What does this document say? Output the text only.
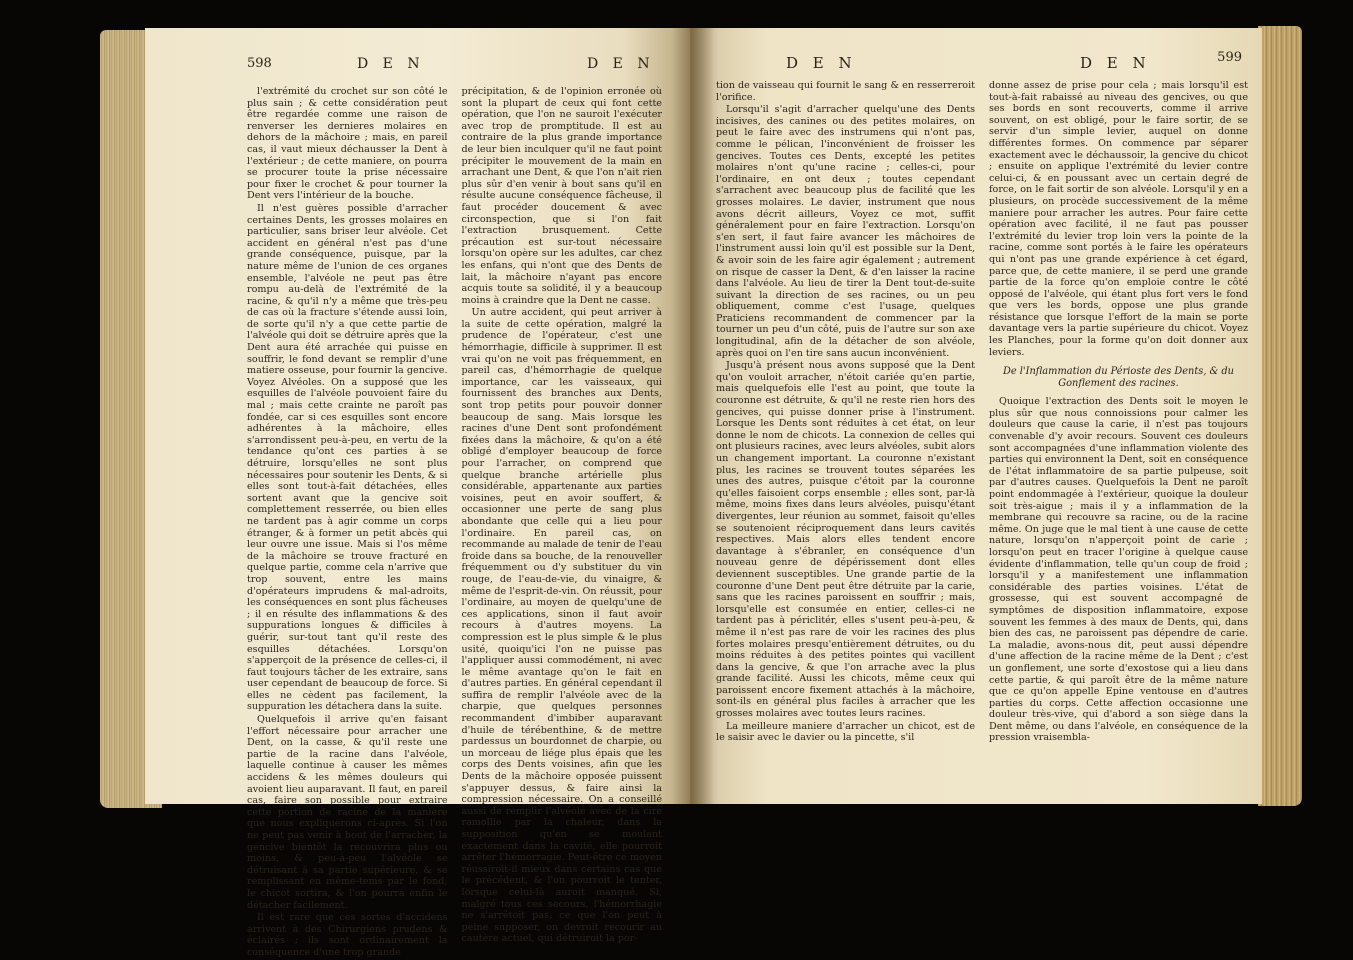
598	D E N	D E N

l'extrémité du crochet sur son côté le plus sain ; & cette considération peut être regardée comme une raison de renverser les dernieres molaires en dehors de la mâchoire ; mais, en pareil cas, il vaut mieux déchausser la Dent à l'extérieur ; de cette maniere, on pourra se procurer toute la prise nécessaire pour fixer le crochet & pour tourner la Dent vers l'intérieur de la bouche.

Il n'est guères possible d'arracher certaines Dents, les grosses molaires en particulier, sans briser leur alvéole. Cet accident en général n'est pas d'une grande conséquence, puisque, par la nature même de l'union de ces organes ensemble, l'alvéole ne peut pas être rompu au-delà de l'extrémité de la racine, & qu'il n'y a même que très-peu de cas où la fracture s'étende aussi loin, de sorte qu'il n'y a que cette partie de l'alvéole qui doit se détruire après que la Dent aura été arrachée qui puisse en souffrir, le fond devant se remplir d'une matiere osseuse, pour fournir la gencive. Voyez Alvéoles. On a supposé que les esquilles de l'alvéole pouvoient faire du mal ; mais cette crainte ne paroît pas fondée, car si ces esquilles sont encore adhérentes à la mâchoire, elles s'arrondissent peu-à-peu, en vertu de la tendance qu'ont ces parties à se détruire, lorsqu'elles ne sont plus nécessaires pour soutenir les Dents, & si elles sont tout-à-fait détachées, elles sortent avant que la gencive soit complettement resserrée, ou bien elles ne tardent pas à agir comme un corps étranger, & à former un petit abcès qui leur ouvre une issue. Mais si l'os même de la mâchoire se trouve fracturé en quelque partie, comme cela n'arrive que trop souvent, entre les mains d'opérateurs imprudens & mal-adroits, les conséquences en sont plus fâcheuses ; il en résulte des inflammations & des suppurations longues & difficiles à guérir, sur-tout tant qu'il reste des esquilles détachées. Lorsqu'on s'apperçoit de la présence de celles-ci, il faut toujours tâcher de les extraire, sans user cependant de beaucoup de force. Si elles ne cèdent pas facilement, la suppuration les détachera dans la suite.

Quelquefois il arrive qu'en faisant l'effort nécessaire pour arracher une Dent, on la casse, & qu'il reste une partie de la racine dans l'alvéole, laquelle continue à causer les mêmes accidens & les mêmes douleurs qui avoient lieu auparavant. Il faut, en pareil cas, faire son possible pour extraire cette portion de racine de la maniere que nous expliquerons ci-après. Si l'on ne peut pas venir à bout de l'arracher, la gencive bientôt la recouvrira plus ou moins, & peu-à-peu l'alvéole se détruisant à sa partie supérieure, & se remplissant en même-tems par le fond, le chicot sortira, & l'on pourra enfin le détacher facilement.

Il est rare que ces sortes d'accidens arrivent à des Chirurgiens prudens & éclairés ; ils sont ordinairement la conséquence d'une trop grande

précipitation, & de l'opinion erronée où sont la plupart de ceux qui font cette opération, que l'on ne sauroit l'exécuter avec trop de promptitude. Il est au contraire de la plus grande importance de leur bien inculquer qu'il ne faut point précipiter le mouvement de la main en arrachant une Dent, & que l'on n'ait rien plus sûr d'en venir à bout sans qu'il en résulte aucune conséquence fâcheuse, il faut procéder doucement & avec circonspection, que si l'on fait l'extraction brusquement. Cette précaution est sur-tout nécessaire lorsqu'on opère sur les adultes, car chez les enfans, qui n'ont que des Dents de lait, la mâchoire n'ayant pas encore acquis toute sa solidité, il y a beaucoup moins à craindre que la Dent ne casse.

Un autre accident, qui peut arriver à la suite de cette opération, malgré la prudence de l'opérateur, c'est une hémorrhagie, difficile à supprimer. Il est vrai qu'on ne voit pas fréquemment, en pareil cas, d'hémorrhagie de quelque importance, car les vaisseaux, qui fournissent des branches aux Dents, sont trop petits pour pouvoir donner beaucoup de sang. Mais lorsque les racines d'une Dent sont profondément fixées dans la mâchoire, & qu'on a été obligé d'employer beaucoup de force pour l'arracher, on comprend que quelque branche artérielle plus considérable, appartenante aux parties voisines, peut en avoir souffert, & occasionner une perte de sang plus abondante que celle qui a lieu pour l'ordinaire. En pareil cas, on recommande au malade de tenir de l'eau froide dans sa bouche, de la renouveller fréquemment ou d'y substituer du vin rouge, de l'eau-de-vie, du vinaigre, & même de l'esprit-de-vin. On réussit, pour l'ordinaire, au moyen de quelqu'une de ces applications, sinon il faut avoir recours à d'autres moyens. La compression est le plus simple & le plus usité, quoiqu'ici l'on ne puisse pas l'appliquer aussi commodément, ni avec le même avantage qu'on le fait en d'autres parties. En général cependant il suffira de remplir l'alvéole avec de la charpie, que quelques personnes recommandent d'imbiber auparavant d'huile de térébenthine, & de mettre pardessus un bourdonnet de charpie, ou un morceau de liége plus épais que les corps des Dents voisines, afin que les Dents de la mâchoire opposée puissent s'appuyer dessus, & faire ainsi la compression nécessaire. On a conseillé aussi de remplir l'alvéole avec de la cire ramollie par la chaleur, dans la supposition qu'en se moulant exactement dans la cavité, elle pourroit arrêter l'hémorragie. Peut-être ce moyen réussiroit-il mieux dans certains cas que le précédent, & l'on pourroit le tenter, lorsque celui-là auroit manqué. Si, malgré tous ces secours, l'hémorrhagie ne s'arrêtoit pas, ce que l'on peut à peine supposer, on devroit recourir au cautère actuel, qui détruiroit la por-

D E N	D E N	599

tion de vaisseau qui fournit le sang & en resserreroit l'orifice.

Lorsqu'il s'agit d'arracher quelqu'une des Dents incisives, des canines ou des petites molaires, on peut le faire avec des instrumens qui n'ont pas, comme le pélican, l'inconvénient de froisser les gencives. Toutes ces Dents, excepté les petites molaires n'ont qu'une racine ; celles-ci, pour l'ordinaire, en ont deux ; toutes cependant s'arrachent avec beaucoup plus de facilité que les grosses molaires. Le davier, instrument que nous avons décrit ailleurs, Voyez ce mot, suffit généralement pour en faire l'extraction. Lorsqu'on s'en sert, il faut faire avancer les mâchoires de l'instrument aussi loin qu'il est possible sur la Dent, & avoir soin de les faire agir également ; autrement on risque de casser la Dent, & d'en laisser la racine dans l'alvéole. Au lieu de tirer la Dent tout-de-suite suivant la direction de ses racines, ou un peu obliquement, comme c'est l'usage, quelques Praticiens recommandent de commencer par la tourner un peu d'un côté, puis de l'autre sur son axe longitudinal, afin de la détacher de son alvéole, après quoi on l'en tire sans aucun inconvénient.

Jusqu'à présent nous avons supposé que la Dent qu'on vouloit arracher, n'étoit cariée qu'en partie, mais quelquefois elle l'est au point, que toute la couronne est détruite, & qu'il ne reste rien hors des gencives, qui puisse donner prise à l'instrument. Lorsque les Dents sont réduites à cet état, on leur donne le nom de chicots. La connexion de celles qui ont plusieurs racines, avec leurs alvéoles, subit alors un changement important. La couronne n'existant plus, les racines se trouvent toutes séparées les unes des autres, puisque c'étoit par la couronne qu'elles faisoient corps ensemble ; elles sont, par-là même, moins fixes dans leurs alvéoles, puisqu'étant divergentes, leur réunion au sommet, faisoit qu'elles se soutenoient réciproquement dans leurs cavités respectives. Mais alors elles tendent encore davantage à s'ébranler, en conséquence d'un nouveau genre de dépérissement dont elles deviennent susceptibles. Une grande partie de la couronne d'une Dent peut être détruite par la carie, sans que les racines paroissent en souffrir ; mais, lorsqu'elle est consumée en entier, celles-ci ne tardent pas à périclitér, elles s'usent peu-à-peu, & même il n'est pas rare de voir les racines des plus fortes molaires presqu'entièrement détruites, ou du moins réduites à des petites pointes qui vacillent dans la gencive, & que l'on arrache avec la plus grande facilité. Aussi les chicots, même ceux qui paroissent encore fixement attachés à la mâchoire, sont-ils en général plus faciles à arracher que les grosses molaires avec toutes leurs racines.

La meilleure maniere d'arracher un chicot, est de le saisir avec le davier ou la pincette, s'il

donne assez de prise pour cela ; mais lorsqu'il est tout-à-fait rabaissé au niveau des gencives, ou que ses bords en sont recouverts, comme il arrive souvent, on est obligé, pour le faire sortir, de se servir d'un simple levier, auquel on donne différentes formes. On commence par séparer exactement avec le déchaussoir, la gencive du chicot ; ensuite on applique l'extrémité du levier contre celui-ci, & en poussant avec un certain degré de force, on le fait sortir de son alvéole. Lorsqu'il y en a plusieurs, on procède successivement de la même maniere pour arracher les autres. Pour faire cette opération avec facilité, il ne faut pas pousser l'extrémité du levier trop loin vers la pointe de la racine, comme sont portés à le faire les opérateurs qui n'ont pas une grande expérience à cet égard, parce que, de cette maniere, il se perd une grande partie de la force qu'on emploie contre le côté opposé de l'alvéole, qui étant plus fort vers le fond que vers les bords, oppose une plus grande résistance que lorsque l'effort de la main se porte davantage vers la partie supérieure du chicot. Voyez les Planches, pour la forme qu'on doit donner aux leviers.

De l'Inflammation du Périoste des Dents, & du Gonflement des racines.

Quoique l'extraction des Dents soit le moyen le plus sûr que nous connoissions pour calmer les douleurs que cause la carie, il n'est pas toujours convenable d'y avoir recours. Souvent ces douleurs sont accompagnées d'une inflammation violente des parties qui environnent la Dent, soit en conséquence de l'état inflammatoire de sa partie pulpeuse, soit par d'autres causes. Quelquefois la Dent ne paroît point endommagée à l'extérieur, quoique la douleur soit très-aigue ; mais il y a inflammation de la membrane qui recouvre sa racine, ou de la racine même. On juge que le mal tient à une cause de cette nature, lorsqu'on n'apperçoit point de carie ; lorsqu'on peut en tracer l'origine à quelque cause évidente d'inflammation, telle qu'un coup de froid ; lorsqu'il y a manifestement une inflammation considérable des parties voisines. L'état de grossesse, qui est souvent accompagné de symptômes de disposition inflammatoire, expose souvent les femmes à des maux de Dents, qui, dans bien des cas, ne paroissent pas dépendre de carie. La maladie, avons-nous dit, peut aussi dépendre d'une affection de la racine même de la Dent ; c'est un gonflement, une sorte d'exostose qui a lieu dans cette partie, & qui paroît être de la même nature que ce qu'on appelle Epine ventouse en d'autres parties du corps. Cette affection occasionne une douleur très-vive, qui d'abord a son siège dans la Dent même, ou dans l'alvéole, en conséquence de la pression vraisembla-
